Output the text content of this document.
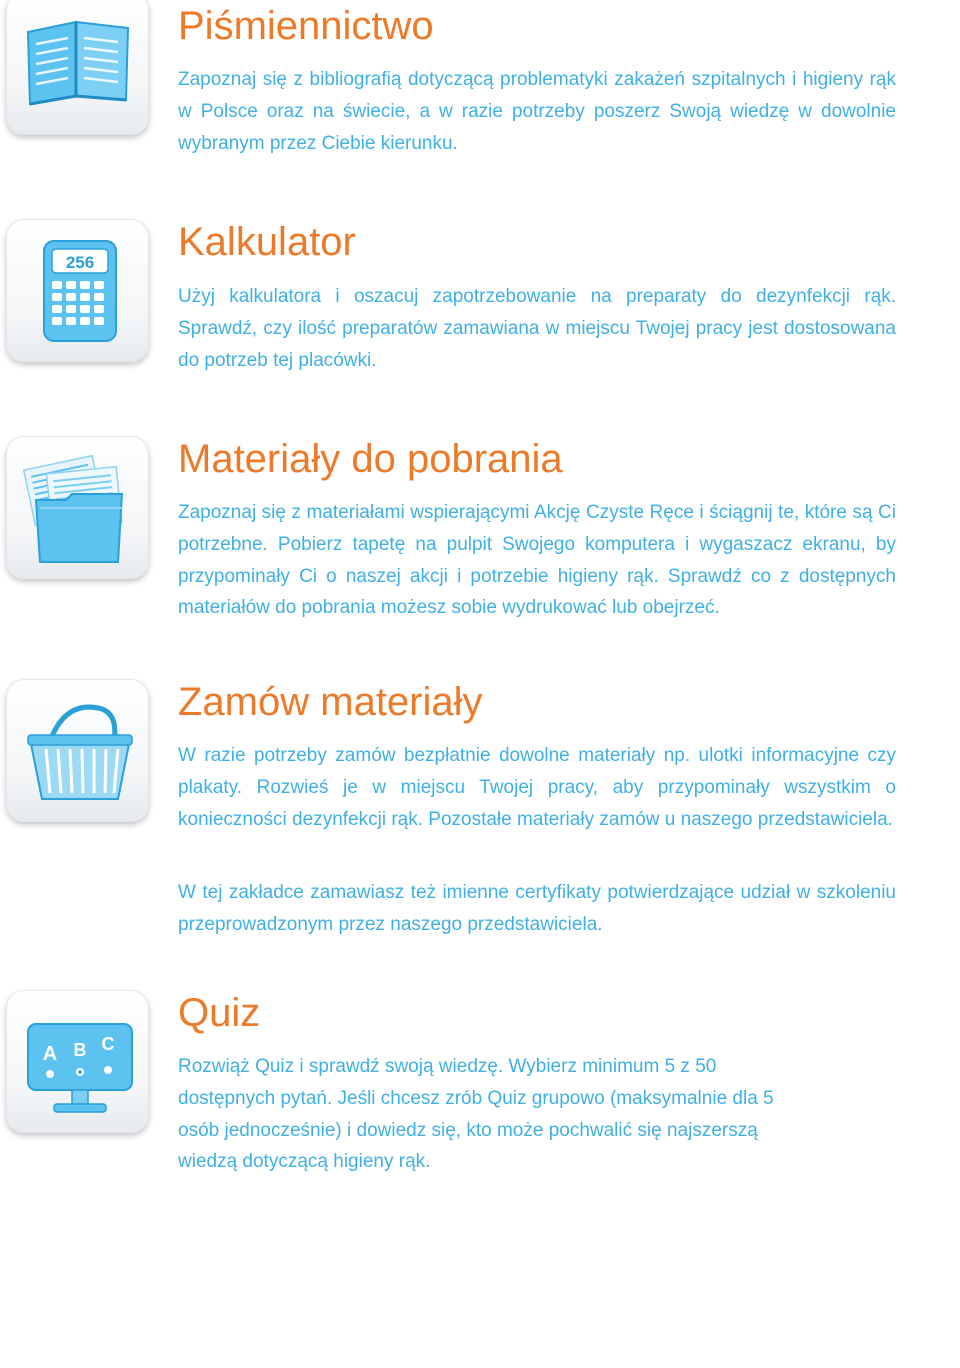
Piśmiennictwo

Zapoznaj się z bibliografią dotyczącą problematyki zakażeń szpitalnych i higieny rąk w Polsce oraz na świecie, a w razie potrzeby poszerz Swoją wiedzę w dowolnie wybranym przez Ciebie kierunku.

256 Kalkulator

Użyj kalkulatora i oszacuj zapotrzebowanie na preparaty do dezynfekcji rąk. Sprawdź, czy ilość preparatów zamawiana w miejscu Twojej pracy jest dostosowana do potrzeb tej placówki.

Materiały do pobrania

Zapoznaj się z materiałami wspierającymi Akcję Czyste Ręce i ściągnij te, które są Ci potrzebne. Pobierz tapetę na pulpit Swojego komputera i wygaszacz ekranu, by przypominały Ci o naszej akcji i potrzebie higieny rąk. Sprawdź co z dostępnych materiałów do pobrania możesz sobie wydrukować lub obejrzeć.

Zamów materiały

W razie potrzeby zamów bezpłatnie dowolne materiały np. ulotki informacyjne czy plakaty. Rozwieś je w miejscu Twojej pracy, aby przypominały wszystkim o konieczności dezynfekcji rąk. Pozostałe materiały zamów u naszego przedstawiciela.

W tej zakładce zamawiasz też imienne certyfikaty potwierdzające udział w szkoleniu przeprowadzonym przez naszego przedstawiciela.

A B C
Quiz

Rozwiąż Quiz i sprawdź swoją wiedzę. Wybierz minimum 5 z 50 dostępnych pytań. Jeśli chcesz zrób Quiz grupowo (maksymalnie dla 5 osób jednocześnie) i dowiedz się, kto może pochwalić się najszerszą wiedzą dotyczącą higieny rąk.
